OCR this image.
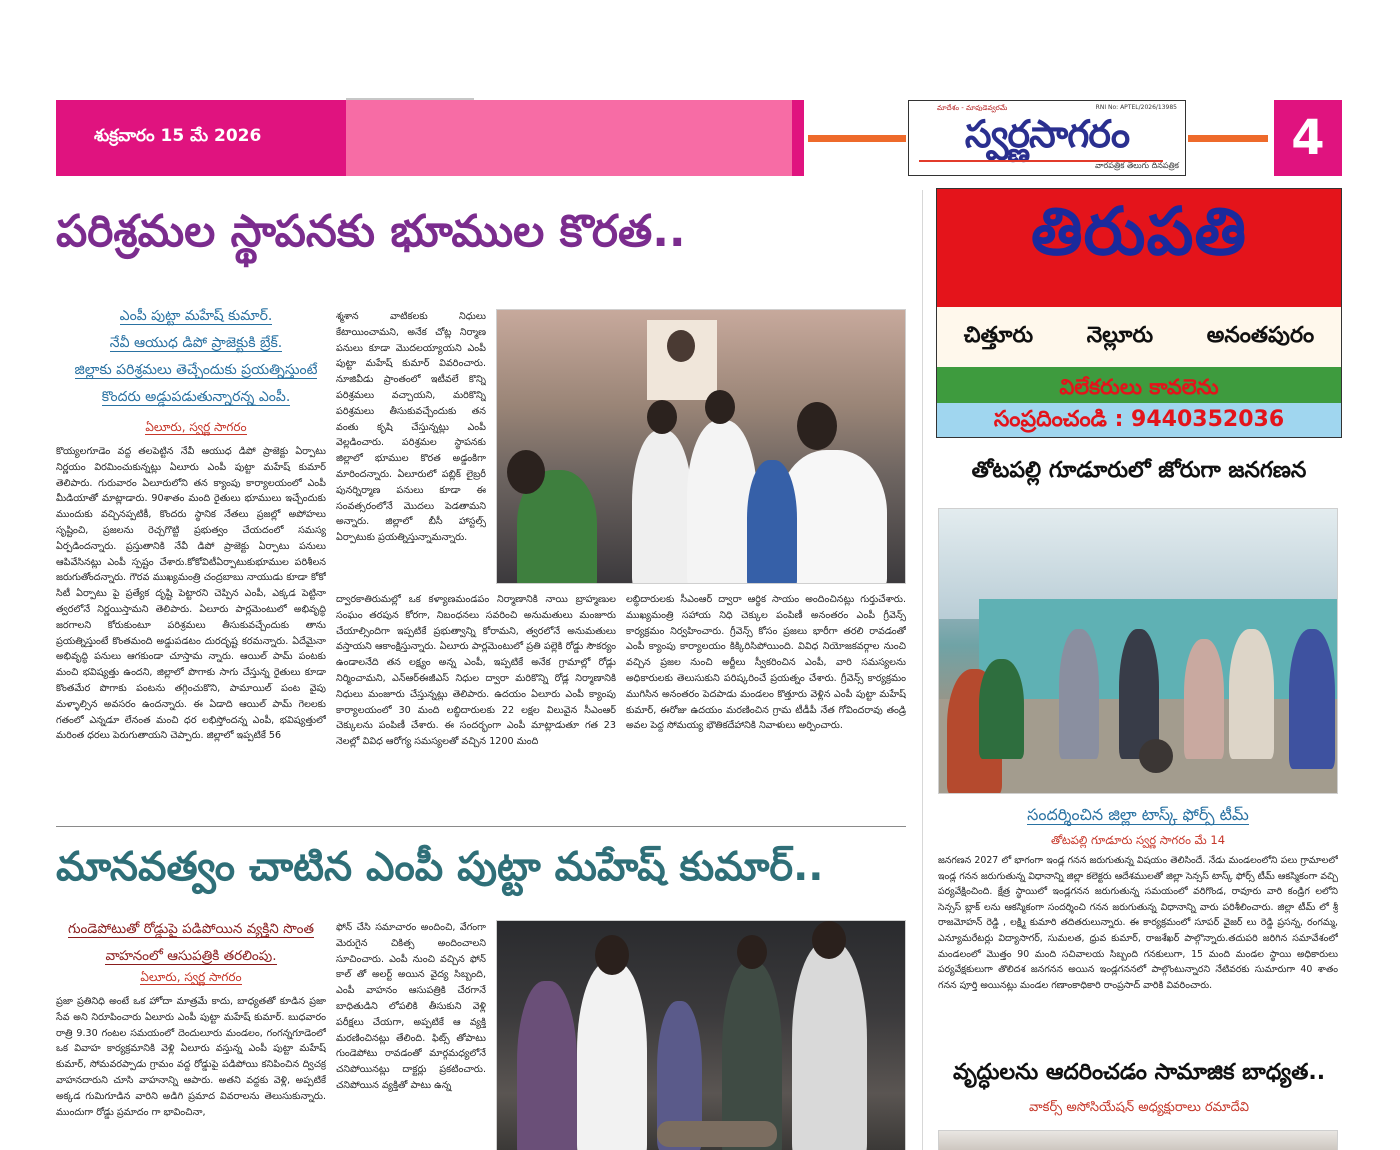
శుక్రవారం 15 మే 2026
మాదేశం - మావుడెవ్వరమే	RNI No: APTEL/2026/13985
స్వర్ణసాగరం
వారపత్రిక తెలుగు దినపత్రిక	4
పరిశ్రమల స్థాపనకు భూముల కొరత..
ఎంపీ పుట్టా మహేష్ కుమార్.
నేవీ ఆయుధ డిపో ప్రాజెక్టుకి బ్రేక్.
జిల్లాకు పరిశ్రమలు తెచ్చేందుకు ప్రయత్నిస్తుంటే
కొందరు అడ్డుపడుతున్నారన్న ఎంపీ.
ఏలూరు, స్వర్ణ సాగరం
కొయ్యలగూడెం వద్ద తలపెట్టిన నేవీ ఆయుధ డిపో ప్రాజెక్టు ఏర్పాటు నిర్ణయం విరమించుకున్నట్లు ఏలూరు ఎంపీ పుట్టా మహేష్ కుమార్ తెలిపారు. గురువారం ఏలూరులోని తన క్యాంపు కార్యాలయంలో ఎంపీ మీడియాతో మాట్లాడారు. 90శాతం మంది రైతులు భూములు ఇచ్చేందుకు ముందుకు వచ్చినప్పటికీ, కొందరు స్థానిక నేతలు ప్రజల్లో అపోహలు సృష్టించి, ప్రజలను రెచ్చగొట్టి ప్రభుత్వం చేయదంలో సమస్య ఏర్పడిందన్నారు. ప్రస్తుతానికి నేవీ డిపో ప్రాజెక్టు ఏర్పాటు పనులు ఆపివేసినట్లు ఎంపీ స్పష్టం చేశారు.కోకోవిటీఏర్పాటుకుభూముల పరిశీలన జరుగుతోందన్నారు. గౌరవ ముఖ్యమంత్రి చంద్రబాబు నాయుడు కూడా కోకో సిటీ ఏర్పాటు పై ప్రత్యేక దృష్టి పెట్టారని చెప్పిన ఎంపీ, ఎక్కడ పెట్టినా త్వరలోనే నిర్ణయిస్తామని తెలిపారు. ఏలూరు పార్లమెంటులో అభివృద్ధి జరగాలని కోరుకుంటూ పరిశ్రమలు తీసుకువచ్చేందుకు తాను ప్రయత్నిస్తుంటే కొంతమంది అడ్డుపడటం దురదృష్ట కరమన్నారు. ఏదేమైనా అభివృద్ధి పనులు ఆగకుండా చూస్తామ న్నారు. ఆయిల్ పామ్ పంటకు మంచి భవిష్యత్తు ఉందని, జిల్లాలో పొగాకు సాగు చేస్తున్న రైతులు కూడా కొంతమేర పొగాకు పంటను తగ్గించుకొని, పామాయిల్ పంట వైపు మళ్ళాల్సిన అవసరం ఉందన్నారు. ఈ ఏడాది ఆయిల్ పామ్ గెలలకు గతంలో ఎన్నడూ లేనంత మంచి ధర లభిస్తోందన్న ఎంపీ, భవిష్యత్తులో మరింత ధరలు పెరుగుతాయని చెప్పారు. జిల్లాలో ఇప్పటికే 56
శ్మశాన వాటికలకు నిధులు కేటాయించామని, అనేక చోట్ల నిర్మాణ పనులు కూడా మొదలయ్యాయని ఎంపీ పుట్టా మహేష్ కుమార్ వివరించారు. నూజివీడు ప్రాంతంలో ఇటీవలే కొన్ని పరిశ్రమలు వచ్చాయని, మరికొన్ని పరిశ్రమలు తీసుకువచ్చేందుకు తన వంతు కృషి చేస్తున్నట్లు ఎంపీ వెల్లడించారు. పరిశ్రమల స్థాపనకు జిల్లాలో భూముల కొరత అడ్డంకిగా మారిందన్నారు. ఏలూరులో పబ్లిక్ లైబ్రరీ పునర్నిర్మాణ పనులు కూడా ఈ సంవత్సరంలోనే మొదలు పెడతామని అన్నారు. జిల్లాలో బీసీ హాస్టల్స్ ఏర్పాటుకు ప్రయత్నిస్తున్నామన్నారు.
ద్వారకాతిరుమల్లో ఒక కళ్యాణమండపం నిర్మాణానికి నాయి బ్రాహ్మణుల సంఘం తరపున కోరగా, నిబంధనలు సవరించి అనుమతులు మంజూరు చేయాల్సిందిగా ఇప్పటికే ప్రభుత్వాన్ని కోరామని, త్వరలోనే అనుమతులు వస్తాయని ఆకాంక్షిస్తున్నారు. ఏలూరు పార్లమెంటులో ప్రతి పల్లెకి రోడ్డు సౌకర్యం ఉండాలనేది తన లక్ష్యం అన్న ఎంపీ, ఇప్పటికే అనేక గ్రామాల్లో రోడ్లు నిర్మించామని, ఎన్ఆర్ఈజీఎస్ నిధుల ద్వారా మరికొన్ని రోడ్ల నిర్మాణానికి నిధులు మంజూరు చేస్తున్నట్లు తెలిపారు. ఉదయం ఏలూరు ఎంపీ క్యాంపు కార్యాలయంలో 30 మంది లబ్ధిదారులకు 22 లక్షల విలువైన సీఎంఆర్ చెక్కులను పంపిణీ చేశారు. ఈ సందర్భంగా ఎంపీ మాట్లాడుతూ గత 23 నెలల్లో వివిధ ఆరోగ్య సమస్యలతో వచ్చిన 1200 మంది
లబ్ధిదారులకు సీఎంఆర్ ద్వారా ఆర్థిక సాయం అందించినట్లు గుర్తుచేశారు. ముఖ్యమంత్రి సహాయ నిధి చెక్కుల పంపిణీ అనంతరం ఎంపీ గ్రీవెన్స్ కార్యక్రమం నిర్వహించారు. గ్రీవెన్స్ కోసం ప్రజలు భారీగా తరలి రావడంతో ఎంపీ క్యాంపు కార్యాలయం కిక్కిరిసిపోయింది. వివిధ నియోజకవర్గాల నుంచి వచ్చిన ప్రజల నుంచి అర్జీలు స్వీకరించిన ఎంపీ, వారి సమస్యలను అధికారులకు తెలుసుకుని పరిష్కరించే ప్రయత్నం చేశారు. గ్రీవెన్స్ కార్యక్రమం ముగిసిన అనంతరం పెదపాడు మండలం కొత్తూరు వెళ్లిన ఎంపీ పుట్టా మహేష్ కుమార్, ఈరోజు ఉదయం మరణించిన గ్రామ టీడీపీ నేత గోవిందరావు తండ్రి అవల పెద్ద సోమయ్య భౌతికదేహానికి నివాళులు అర్పించారు.
మానవత్వం చాటిన ఎంపీ పుట్టా మహేష్ కుమార్..
గుండెపోటుతో రోడ్డుపై పడిపోయిన వ్యక్తిని సొంత
వాహనంలో ఆసుపత్రికి తరలింపు.
ఏలూరు, స్వర్ణ సాగరం
ప్రజా ప్రతినిధి అంటే ఒక హోదా మాత్రమే కాదు, బాధ్యతతో కూడిన ప్రజా సేవ అని నిరూపించారు ఏలూరు ఎంపీ పుట్టా మహేష్ కుమార్. బుధవారం రాత్రి 9.30 గంటల సమయంలో దెందులూరు మండలం, గంగన్నగూడెంలో ఒక వివాహ కార్యక్రమానికి వెళ్లి ఏలూరు వస్తున్న ఎంపీ పుట్టా మహేష్ కుమార్, సోమవరప్పాడు గ్రామం వద్ద రోడ్డుపై పడిపోయి కనిపించిన ద్విచక్ర వాహనదారుని చూసి వాహనాన్ని ఆపారు. అతని వద్దకు వెళ్లి, అప్పటికే అక్కడ గుమిగూడిన వారిని అడిగి ప్రమాద వివరాలను తెలుసుకున్నారు. ముందుగా రోడ్డు ప్రమాదం గా భావించినా,
ఫోన్ చేసి సమాచారం అందించి, వేగంగా మెరుగైన చికిత్స అందించాలని సూచించారు. ఎంపీ నుంచి వచ్చిన ఫోన్ కాల్ తో అలర్ట్ అయిన వైద్య సిబ్బంది, ఎంపీ వాహనం ఆసుపత్రికి చేరగానే బాధితుడిని లోపలికి తీసుకుని వెళ్లి పరీక్షలు చేయగా, అప్పటికే ఆ వ్యక్తి మరణించినట్లు తేలింది. ఫిట్స్ తోపాటు గుండెపోటు రావడంతో మార్గమధ్యలోనే చనిపోయినట్లు దాక్టర్లు ప్రకటించారు. చనిపోయిన వ్యక్తితో పాటు ఉన్న
తిరుపతి
చిత్తూరు నెల్లూరు అనంతపురం
విలేకరులు కావలెను
సంప్రదించండి : 9440352036
తోటపల్లి గూడూరులో జోరుగా జనగణన
సందర్శించిన జిల్లా టాస్క్ ఫోర్స్ టీమ్
తోటపల్లి గూడూరు స్వర్ణ సాగరం మే 14
జనగణన 2027 లో భాగంగా ఇండ్ల గనన జరుగుతున్న విషయం తెలిసిందే. నేడు మండలంలోని పలు గ్రామాలలో ఇండ్ల గనన జరుగుతున్న విధానాన్ని జిల్లా కలెక్టరు ఆదేశములతో జిల్లా సెన్సస్ టాస్క్ ఫోర్స్ టీమ్ ఆకస్మికంగా వచ్చి పర్యవేక్షించింది. క్షేత్ర స్థాయిలో ఇండ్లగనన జరుగుతున్న సమయంలో వరిగొండ, రావూరు వారి కండ్రిగ లలోని సెన్సస్ బ్లాక్ లను ఆకస్మికంగా సందర్శించి గనన జరుగుతున్న విధానాన్ని వారు పరిశీలించారు. జిల్లా టీమ్ లో శ్రీ రాజమోహన్ రెడ్డి , లక్ష్మి కుమారి తదితరులున్నారు. ఈ కార్యక్రమంలో సూపర్ వైజర్ లు రెడ్డి ప్రసన్న, రంగమ్మ, ఎన్యూమరేటర్లు విద్యాసాగర్, సుమలత, ధ్రువ కుమార్, రాజశేఖర్ పాల్గొన్నారు.తదుపరి జరిగిన సమావేశంలో మండలంలో మొత్తం 90 మంది సచివాలయ సిబ్బంది గనకులుగా, 15 మంది మండల స్థాయి అధికారులు పర్యవేక్షకులుగా తొలిదశ జనగనన అయిన ఇండ్లగననలో పాల్గొంటున్నారని నేటివరకు సుమారుగా 40 శాతం గనన పూర్తి అయినట్లు మండల గణాంకాధికారి రాంప్రసాద్ వారికి వివరించారు.
వృద్ధులను ఆదరించడం సామాజిక బాధ్యత..
వాకర్స్ అసోసియేషన్ అధ్యక్షురాలు రమాదేవి
